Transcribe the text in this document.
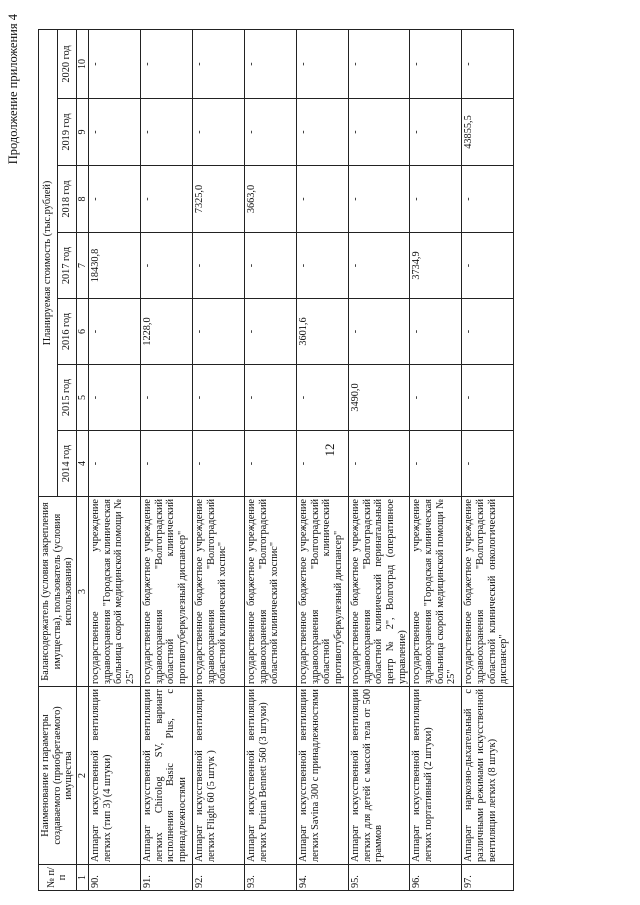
12
Продолжение приложения 4
№ п/п	Наименование и параметры создаваемого (приобретаемого) имущества	Балансодержатель (условия закрепления имущества), пользователь (условия использования)	Планируемая стоимость (тыс.рублей)						
			2014 год	2015 год	2016 год	2017 год	2018 год	2019 год	2020 год
1	2	3	4	5	6	7	8	9	10
90.	Аппарат искусственной вентиляции легких (тип 3) (4 штуки)	государственное учреждение здравоохранения "Городская клиническая больница скорой медицинской помощи № 25"	-	-	-	18430,8	-	-	-
91.	Аппарат искусственной вентиляции легких Chirolog SV, вариант исполнения Basic Plus, с принадлежностями	государственное бюджетное учреждение здравоохранения "Волгоградский областной клинический противотуберкулезный диспансер"	-	-	1228,0	-	-	-	-
92.	Аппарат искусственной вентиляции легких Flight 60 (5 штук )	государственное бюджетное учреждение здравоохранения "Волгоградский областной клинический хоспис"	-	-	-	-	7325,0	-	-
93.	Аппарат искусственной вентиляции легких Puritan Bennett 560 (3 штуки)	государственное бюджетное учреждение здравоохранения "Волгоградский областной клинический хоспис"	-	-	-	-	3663,0	-	-
94.	Аппарат искусственной вентиляции легких Savina 300 с принадлежностями	государственное бюджетное учреждение здравоохранения "Волгоградский областной клинический противотуберкулезный диспансер"	-	-	3601,6	-	-	-	-
95.	Аппарат искусственной вентиляции легких для детей с массой тела от 500 граммов	государственное бюджетное учреждение здравоохранения "Волгоградский областной клинический перинатальный центр № 2", Волгоград (оперативное управление)	-	3490,0	-	-	-	-	-
96.	Аппарат искусственной вентиляции легких портативный (2 штуки)	государственное учреждение здравоохранения "Городская клиническая больница скорой медицинской помощи № 25"	-	-	-	3734,9	-	-	-
97.	Аппарат наркозно-дыхательный с различными режимами искусственной вентиляции легких (8 штук)	государственное бюджетное учреждение здравоохранения "Волгоградский областной клинический онкологический диспансер"	-	-	-	-	-	43855,5	-
